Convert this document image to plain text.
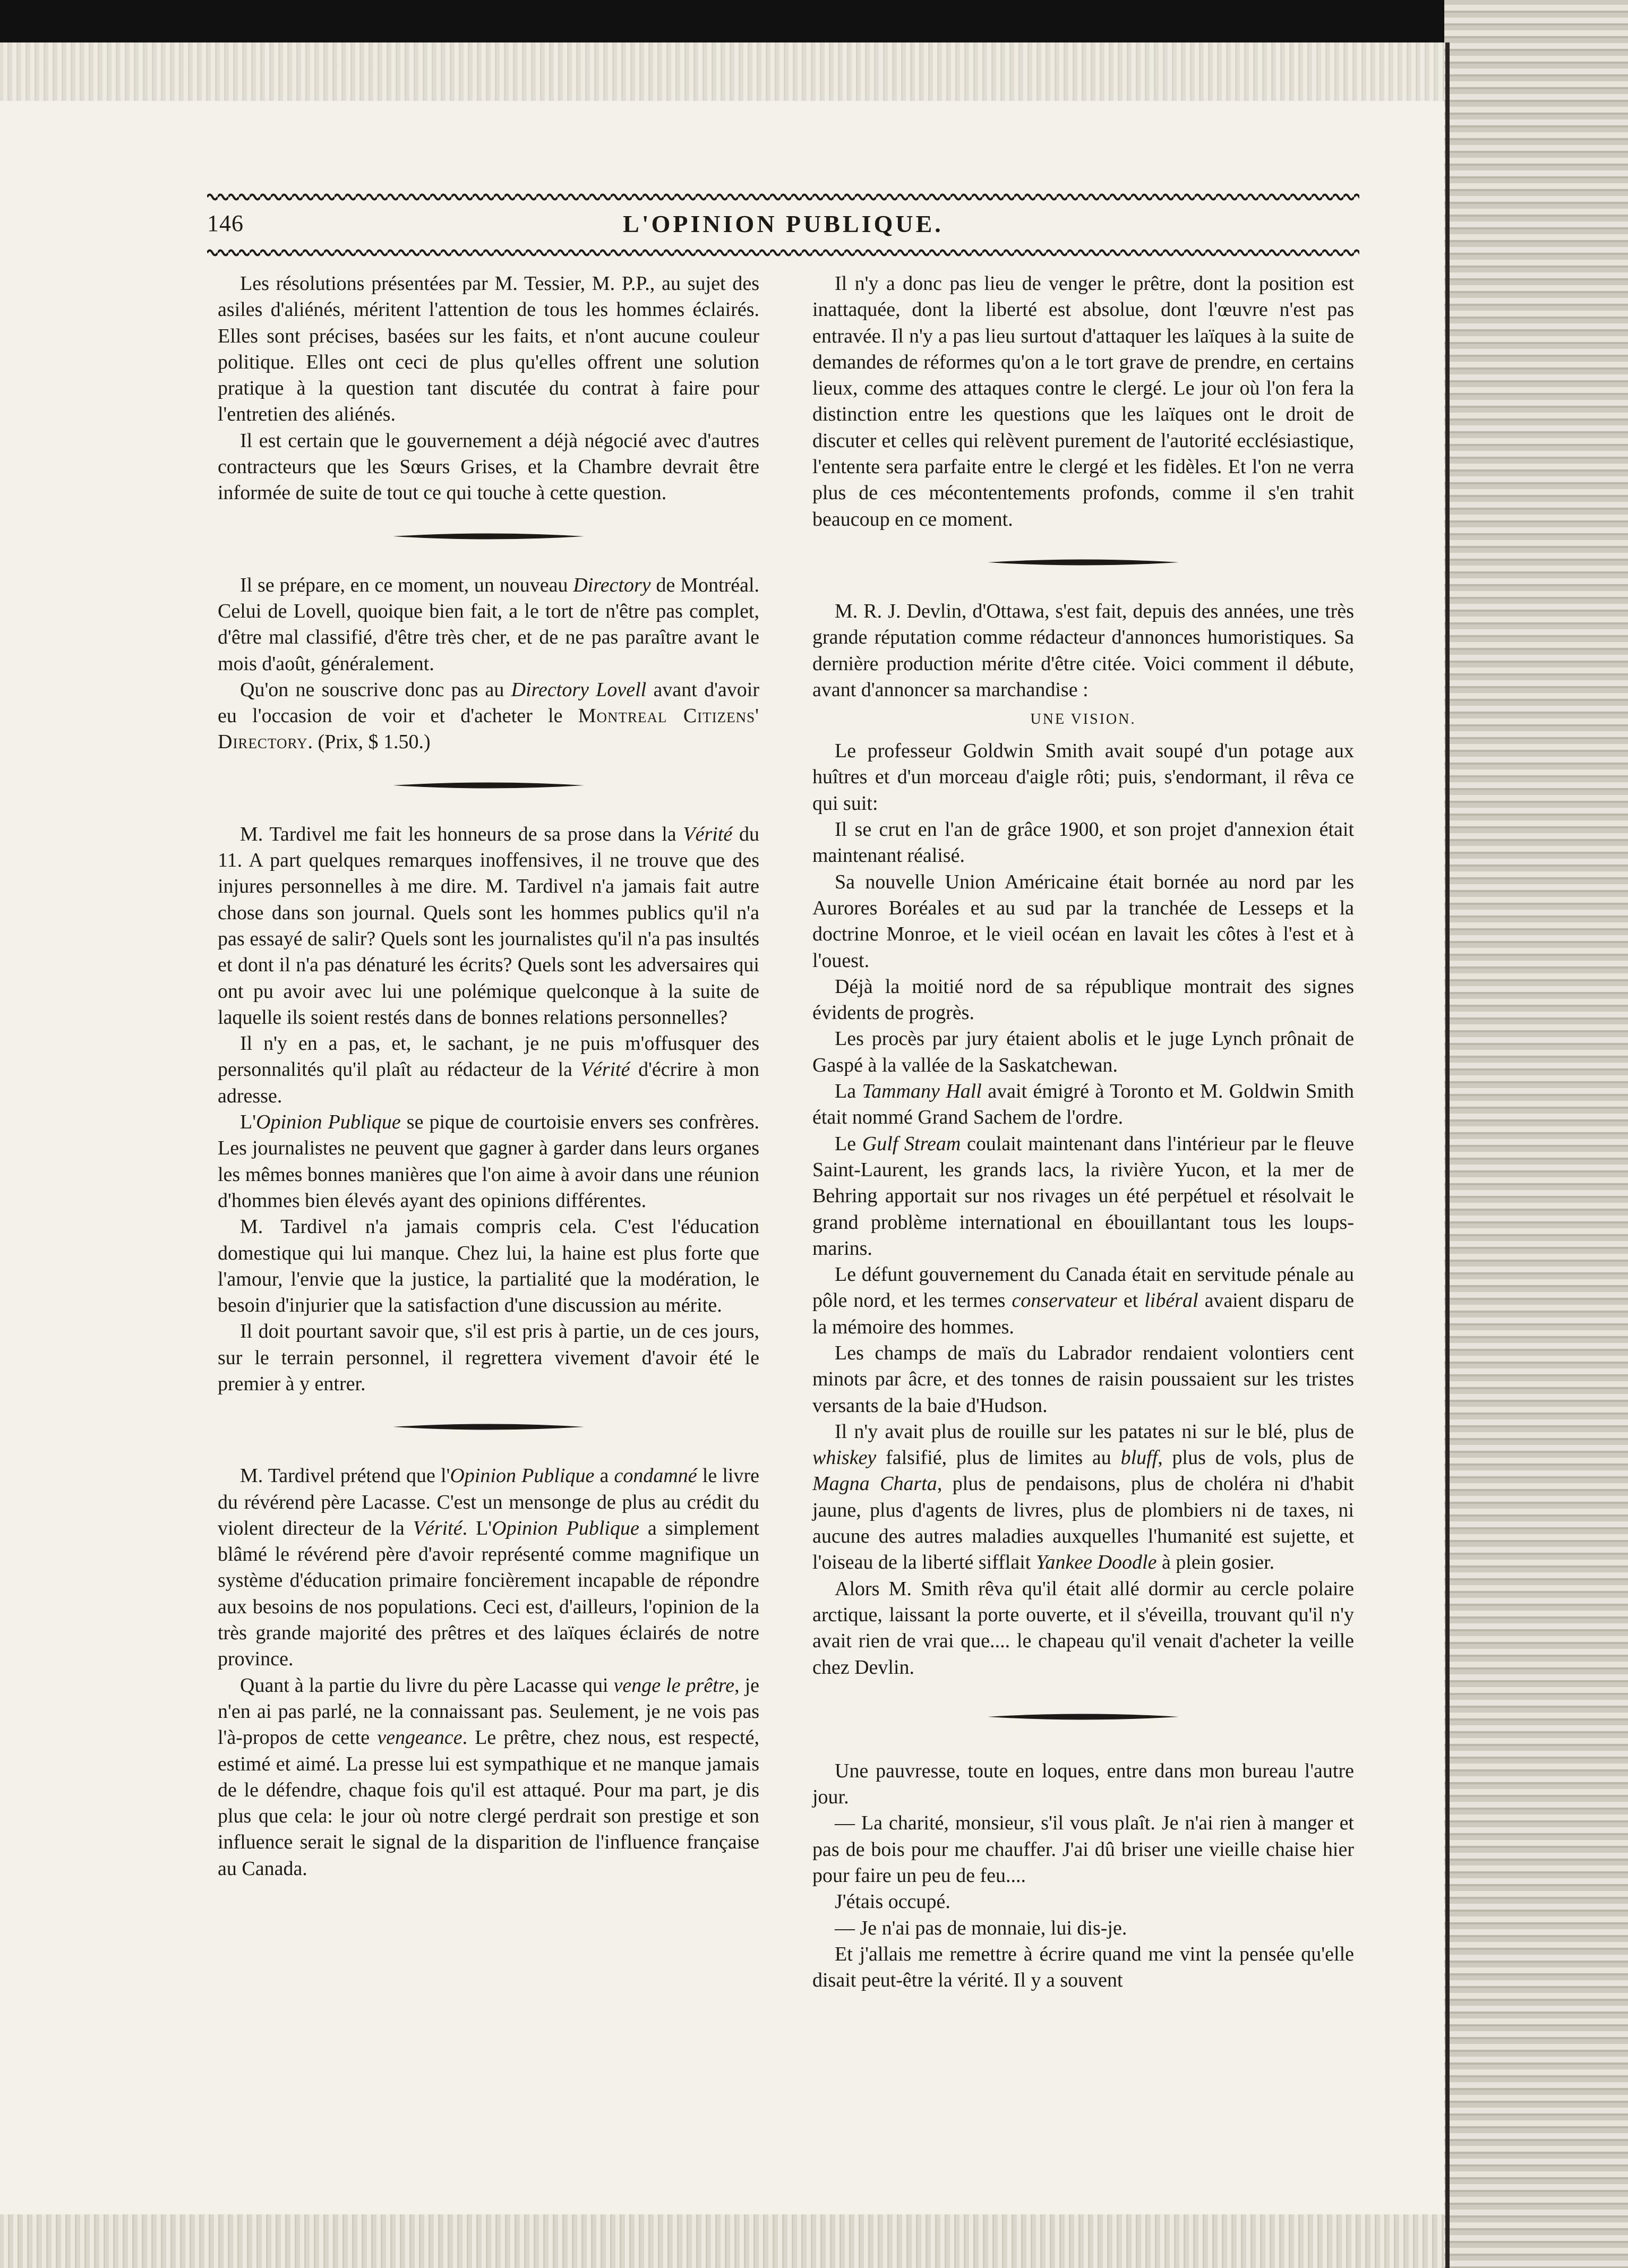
146	L'OPINION PUBLIQUE.

Les résolutions présentées par M. Tessier, M. P.P., au sujet des asiles d'aliénés, méritent l'attention de tous les hommes éclairés. Elles sont précises, basées sur les faits, et n'ont aucune couleur politique. Elles ont ceci de plus qu'elles offrent une solution pratique à la question tant discutée du contrat à faire pour l'entretien des aliénés.

Il est certain que le gouvernement a déjà négocié avec d'autres contracteurs que les Sœurs Grises, et la Chambre devrait être informée de suite de tout ce qui touche à cette question.

Il se prépare, en ce moment, un nouveau Directory de Montréal. Celui de Lovell, quoique bien fait, a le tort de n'être pas complet, d'être mal classifié, d'être très cher, et de ne pas paraître avant le mois d'août, généralement.

Qu'on ne souscrive donc pas au Directory Lovell avant d'avoir eu l'occasion de voir et d'acheter le Montreal Citizens' Directory. (Prix, $ 1.50.)

M. Tardivel me fait les honneurs de sa prose dans la Vérité du 11. A part quelques remarques inoffensives, il ne trouve que des injures personnelles à me dire. M. Tardivel n'a jamais fait autre chose dans son journal. Quels sont les hommes publics qu'il n'a pas essayé de salir? Quels sont les journalistes qu'il n'a pas insultés et dont il n'a pas dénaturé les écrits? Quels sont les adversaires qui ont pu avoir avec lui une polémique quelconque à la suite de laquelle ils soient restés dans de bonnes relations personnelles?

Il n'y en a pas, et, le sachant, je ne puis m'offusquer des personnalités qu'il plaît au rédacteur de la Vérité d'écrire à mon adresse.

L'Opinion Publique se pique de courtoisie envers ses confrères. Les journalistes ne peuvent que gagner à garder dans leurs organes les mêmes bonnes manières que l'on aime à avoir dans une réunion d'hommes bien élevés ayant des opinions différentes.

M. Tardivel n'a jamais compris cela. C'est l'éducation domestique qui lui manque. Chez lui, la haine est plus forte que l'amour, l'envie que la justice, la partialité que la modération, le besoin d'injurier que la satisfaction d'une discussion au mérite.

Il doit pourtant savoir que, s'il est pris à partie, un de ces jours, sur le terrain personnel, il regrettera vivement d'avoir été le premier à y entrer.

M. Tardivel prétend que l'Opinion Publique a condamné le livre du révérend père Lacasse. C'est un mensonge de plus au crédit du violent directeur de la Vérité. L'Opinion Publique a simplement blâmé le révérend père d'avoir représenté comme magnifique un système d'éducation primaire foncièrement incapable de répondre aux besoins de nos populations. Ceci est, d'ailleurs, l'opinion de la très grande majorité des prêtres et des laïques éclairés de notre province.

Quant à la partie du livre du père Lacasse qui venge le prêtre, je n'en ai pas parlé, ne la connaissant pas. Seulement, je ne vois pas l'à-propos de cette vengeance. Le prêtre, chez nous, est respecté, estimé et aimé. La presse lui est sympathique et ne manque jamais de le défendre, chaque fois qu'il est attaqué. Pour ma part, je dis plus que cela: le jour où notre clergé perdrait son prestige et son influence serait le signal de la disparition de l'influence française au Canada.

Il n'y a donc pas lieu de venger le prêtre, dont la position est inattaquée, dont la liberté est absolue, dont l'œuvre n'est pas entravée. Il n'y a pas lieu surtout d'attaquer les laïques à la suite de demandes de réformes qu'on a le tort grave de prendre, en certains lieux, comme des attaques contre le clergé. Le jour où l'on fera la distinction entre les questions que les laïques ont le droit de discuter et celles qui relèvent purement de l'autorité ecclésiastique, l'entente sera parfaite entre le clergé et les fidèles. Et l'on ne verra plus de ces mécontentements profonds, comme il s'en trahit beaucoup en ce moment.

M. R. J. Devlin, d'Ottawa, s'est fait, depuis des années, une très grande réputation comme rédacteur d'annonces humoristiques. Sa dernière production mérite d'être citée. Voici comment il débute, avant d'annoncer sa marchandise :

UNE VISION.

Le professeur Goldwin Smith avait soupé d'un potage aux huîtres et d'un morceau d'aigle rôti; puis, s'endormant, il rêva ce qui suit:

Il se crut en l'an de grâce 1900, et son projet d'annexion était maintenant réalisé.

Sa nouvelle Union Américaine était bornée au nord par les Aurores Boréales et au sud par la tranchée de Lesseps et la doctrine Monroe, et le vieil océan en lavait les côtes à l'est et à l'ouest.

Déjà la moitié nord de sa république montrait des signes évidents de progrès.

Les procès par jury étaient abolis et le juge Lynch prônait de Gaspé à la vallée de la Saskatchewan.

La Tammany Hall avait émigré à Toronto et M. Goldwin Smith était nommé Grand Sachem de l'ordre.

Le Gulf Stream coulait maintenant dans l'intérieur par le fleuve Saint-Laurent, les grands lacs, la rivière Yucon, et la mer de Behring apportait sur nos rivages un été perpétuel et résolvait le grand problème international en ébouillantant tous les loups-marins.

Le défunt gouvernement du Canada était en servitude pénale au pôle nord, et les termes conservateur et libéral avaient disparu de la mémoire des hommes.

Les champs de maïs du Labrador rendaient volontiers cent minots par âcre, et des tonnes de raisin poussaient sur les tristes versants de la baie d'Hudson.

Il n'y avait plus de rouille sur les patates ni sur le blé, plus de whiskey falsifié, plus de limites au bluff, plus de vols, plus de Magna Charta, plus de pendaisons, plus de choléra ni d'habit jaune, plus d'agents de livres, plus de plombiers ni de taxes, ni aucune des autres maladies auxquelles l'humanité est sujette, et l'oiseau de la liberté sifflait Yankee Doodle à plein gosier.

Alors M. Smith rêva qu'il était allé dormir au cercle polaire arctique, laissant la porte ouverte, et il s'éveilla, trouvant qu'il n'y avait rien de vrai que.... le chapeau qu'il venait d'acheter la veille chez Devlin.

Une pauvresse, toute en loques, entre dans mon bureau l'autre jour.

— La charité, monsieur, s'il vous plaît. Je n'ai rien à manger et pas de bois pour me chauffer. J'ai dû briser une vieille chaise hier pour faire un peu de feu....

J'étais occupé.

— Je n'ai pas de monnaie, lui dis-je.

Et j'allais me remettre à écrire quand me vint la pensée qu'elle disait peut-être la vérité. Il y a souvent
